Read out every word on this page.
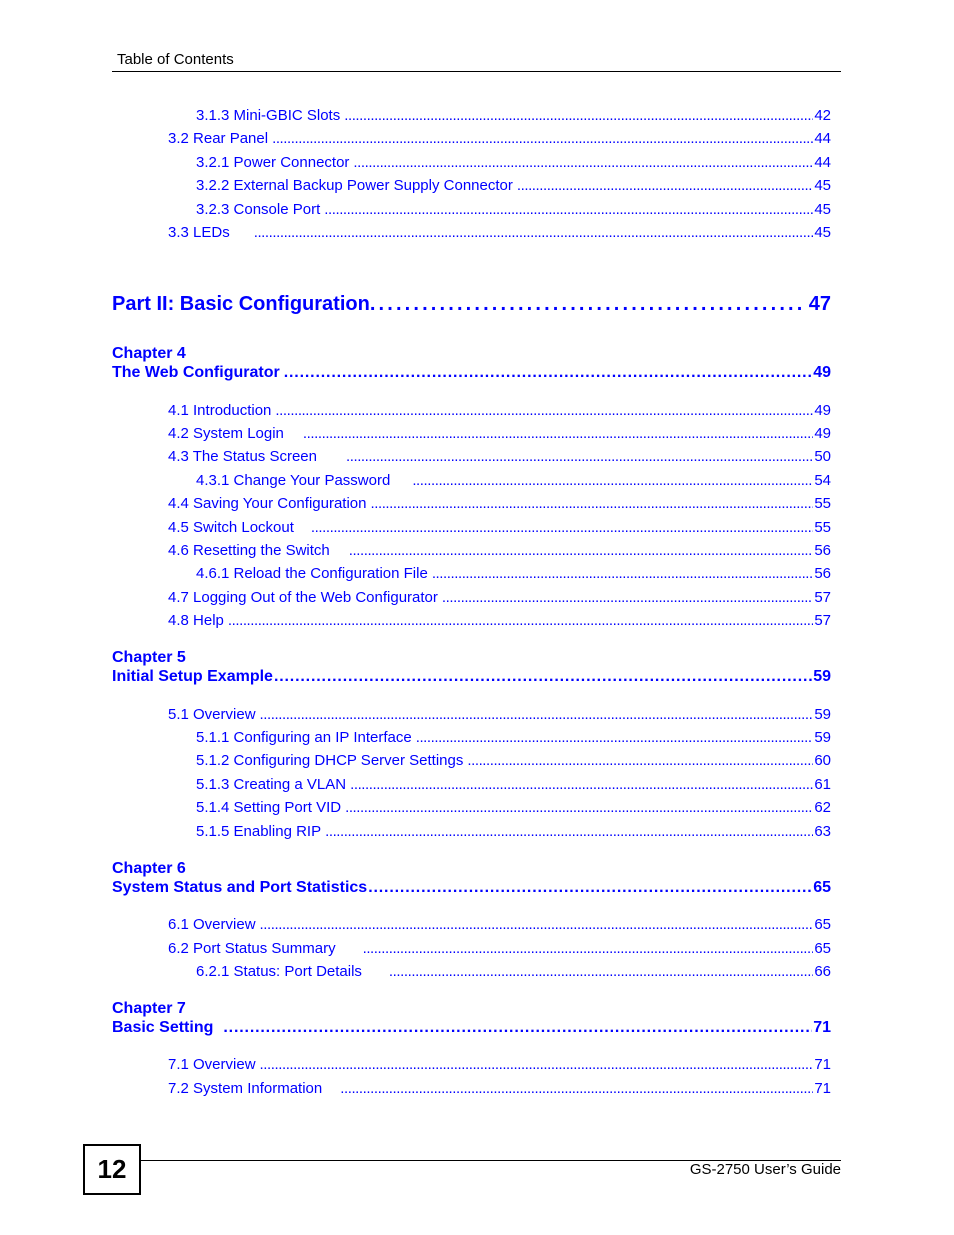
Table of Contents
3.1.3 Mini-GBIC Slots . . .	42
3.2 Rear Panel . . .	44
3.2.1 Power Connector . . .	44
3.2.2 External Backup Power Supply Connector . . .	45
3.2.3 Console Port . . .	45
3.3 LEDs . . .	45
Part II: Basic Configuration . . .	47
Chapter 4
The Web Configurator . . .	49
4.1 Introduction . . .	49
4.2 System Login . . .	49
4.3 The Status Screen . . .	50
4.3.1 Change Your Password . . .	54
4.4 Saving Your Configuration . . .	55
4.5 Switch Lockout . . .	55
4.6 Resetting the Switch . . .	56
4.6.1 Reload the Configuration File . . .	56
4.7 Logging Out of the Web Configurator . . .	57
4.8 Help . . .	57
Chapter 5
Initial Setup Example . . .	59
5.1 Overview . . .	59
5.1.1 Configuring an IP Interface . . .	59
5.1.2 Configuring DHCP Server Settings . . .	60
5.1.3 Creating a VLAN . . .	61
5.1.4 Setting Port VID . . .	62
5.1.5 Enabling RIP . . .	63
Chapter 6
System Status and Port Statistics . . .	65
6.1 Overview . . .	65
6.2 Port Status Summary . . .	65
6.2.1 Status: Port Details . . .	66
Chapter 7
Basic Setting . . .	71
7.1 Overview . . .	71
7.2 System Information . . .	71
12	GS-2750 User’s Guide
